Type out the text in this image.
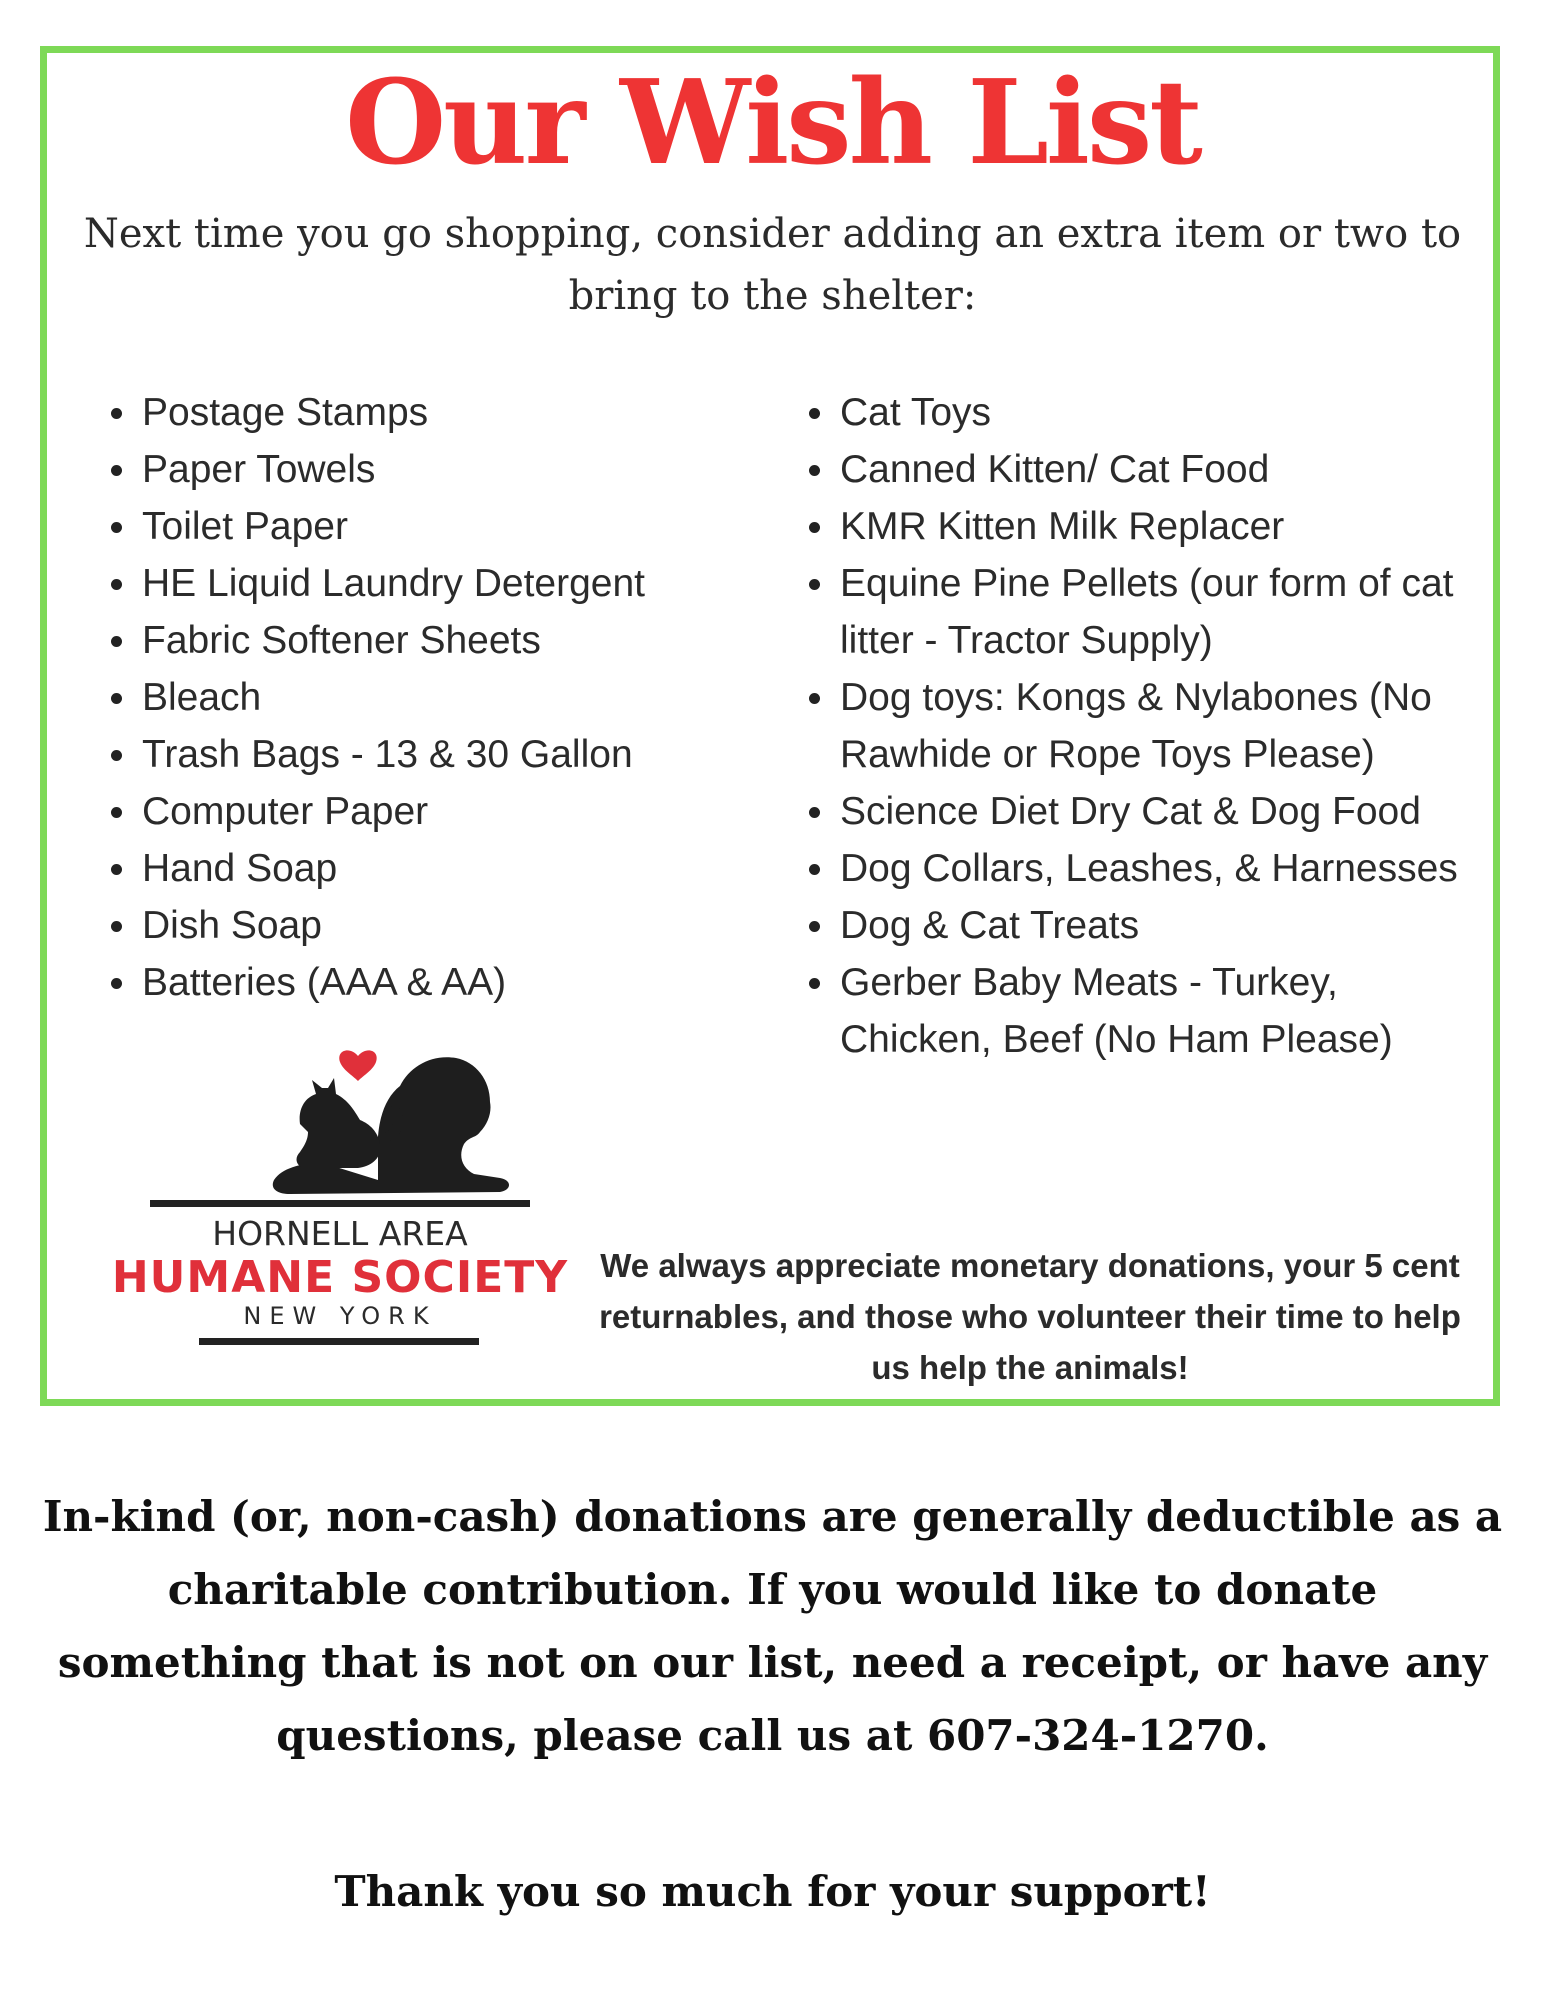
Our Wish List

Next time you go shopping, consider adding an extra item or two to bring to the shelter:

Postage Stamps
Paper Towels
Toilet Paper
HE Liquid Laundry Detergent
Fabric Softener Sheets
Bleach
Trash Bags - 13 & 30 Gallon
Computer Paper
Hand Soap
Dish Soap
Batteries (AAA & AA)
Cat Toys
Canned Kitten/ Cat Food
KMR Kitten Milk Replacer
Equine Pine Pellets (our form of cat litter - Tractor Supply)
Dog toys: Kongs & Nylabones (No Rawhide or Rope Toys Please)
Science Diet Dry Cat & Dog Food
Dog Collars, Leashes, & Harnesses
Dog & Cat Treats
Gerber Baby Meats - Turkey, Chicken, Beef (No Ham Please)
HORNELL AREA
HUMANE SOCIETY
NEW YORK

We always appreciate monetary donations, your 5 cent returnables, and those who volunteer their time to help us help the animals!

In-kind (or, non-cash) donations are generally deductible as a charitable contribution. If you would like to donate something that is not on our list, need a receipt, or have any questions, please call us at 607-324-1270.

Thank you so much for your support!
